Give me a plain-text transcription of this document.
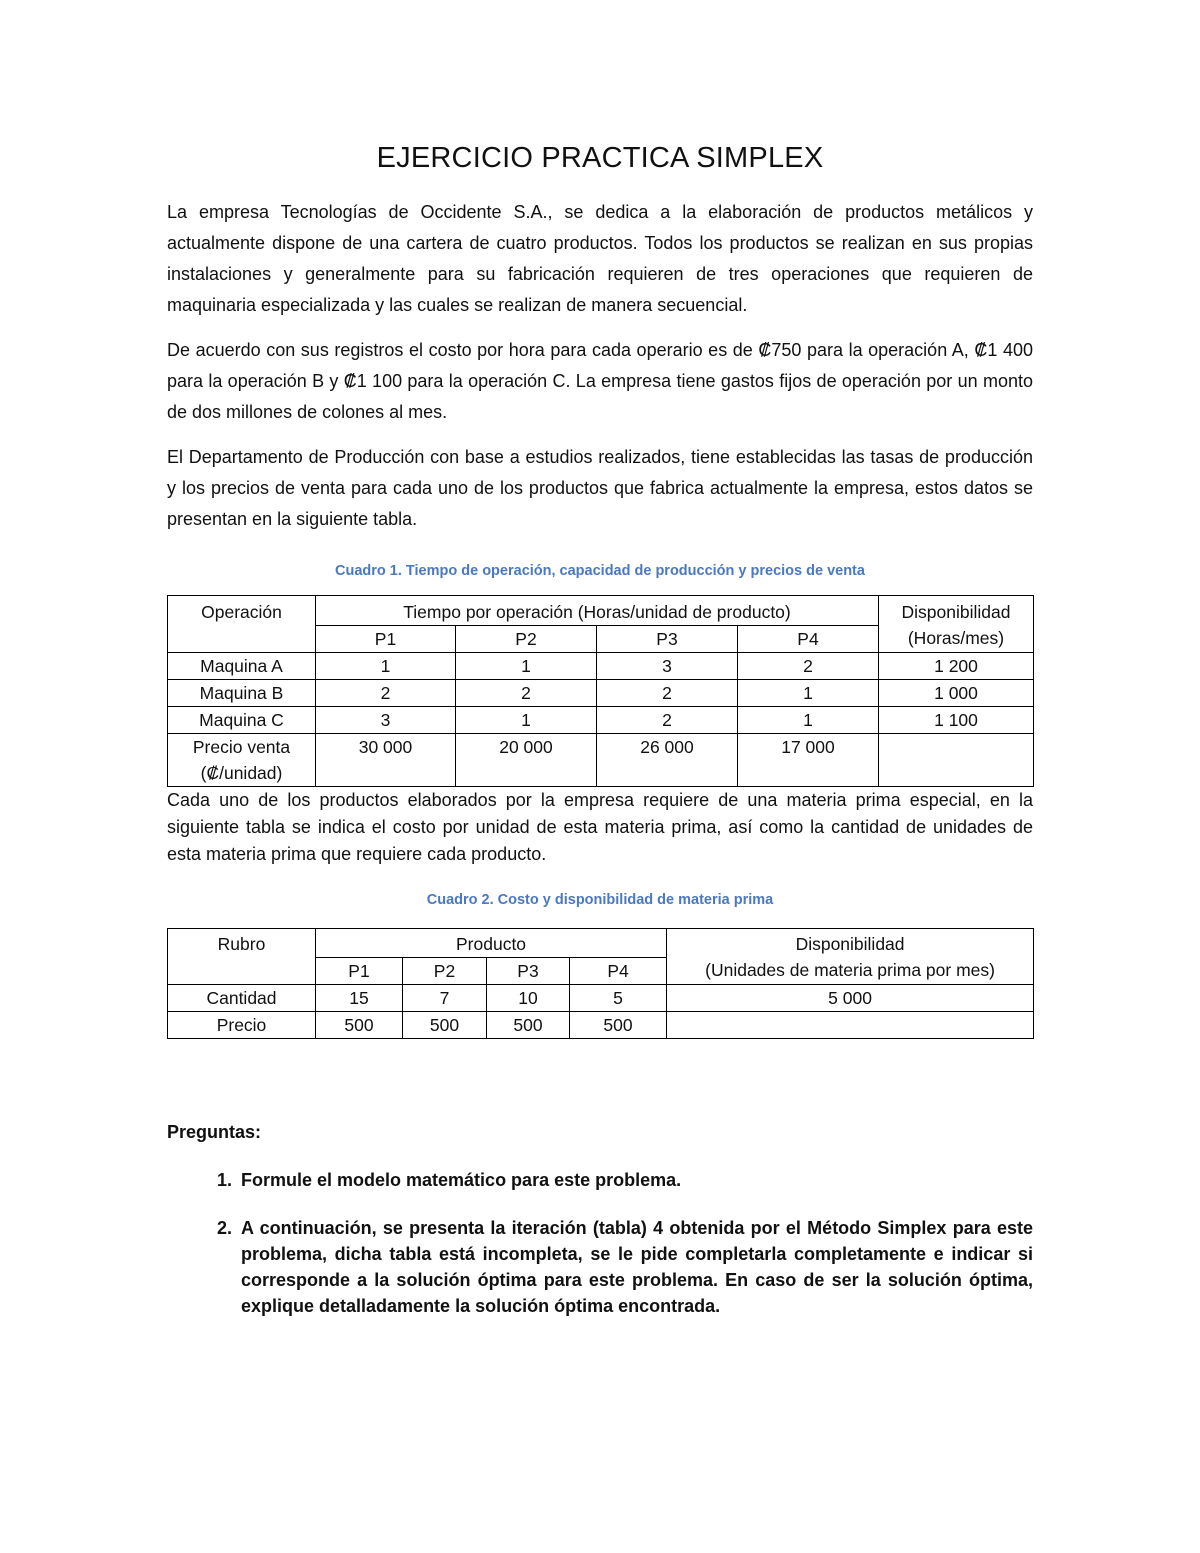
EJERCICIO PRACTICA SIMPLEX

La empresa Tecnologías de Occidente S.A., se dedica a la elaboración de productos metálicos y actualmente dispone de una cartera de cuatro productos. Todos los productos se realizan en sus propias instalaciones y generalmente para su fabricación requieren de tres operaciones que requieren de maquinaria especializada y las cuales se realizan de manera secuencial.

De acuerdo con sus registros el costo por hora para cada operario es de ₡750 para la operación A, ₡1 400 para la operación B y ₡1 100 para la operación C. La empresa tiene gastos fijos de operación por un monto de dos millones de colones al mes.

El Departamento de Producción con base a estudios realizados, tiene establecidas las tasas de producción y los precios de venta para cada uno de los productos que fabrica actualmente la empresa, estos datos se presentan en la siguiente tabla.

Cuadro 1. Tiempo de operación, capacidad de producción y precios de venta

Operación	Tiempo por operación (Horas/unidad de producto)				Disponibilidad
(Horas/mes)

	P1	P2	P3	P4	
Maquina A	1	1	3	2	1 200
Maquina B	2	2	2	1	1 000
Maquina C	3	1	2	1	1 100

Precio venta
(₡/unidad)	30 000	20 000	26 000	17 000	

Cada uno de los productos elaborados por la empresa requiere de una materia prima especial, en la siguiente tabla se indica el costo por unidad de esta materia prima, así como la cantidad de unidades de esta materia prima que requiere cada producto.

Cuadro 2. Costo y disponibilidad de materia prima

Rubro	Producto				Disponibilidad
(Unidades de materia prima por mes)

	P1	P2	P3	P4	
Cantidad	15	7	10	5	5 000
Precio	500	500	500	500	

Preguntas:

1. Formule el modelo matemático para este problema.
2. A continuación, se presenta la iteración (tabla) 4 obtenida por el Método Simplex para este problema, dicha tabla está incompleta, se le pide completarla completamente e indicar si corresponde a la solución óptima para este problema. En caso de ser la solución óptima, explique detalladamente la solución óptima encontrada.
